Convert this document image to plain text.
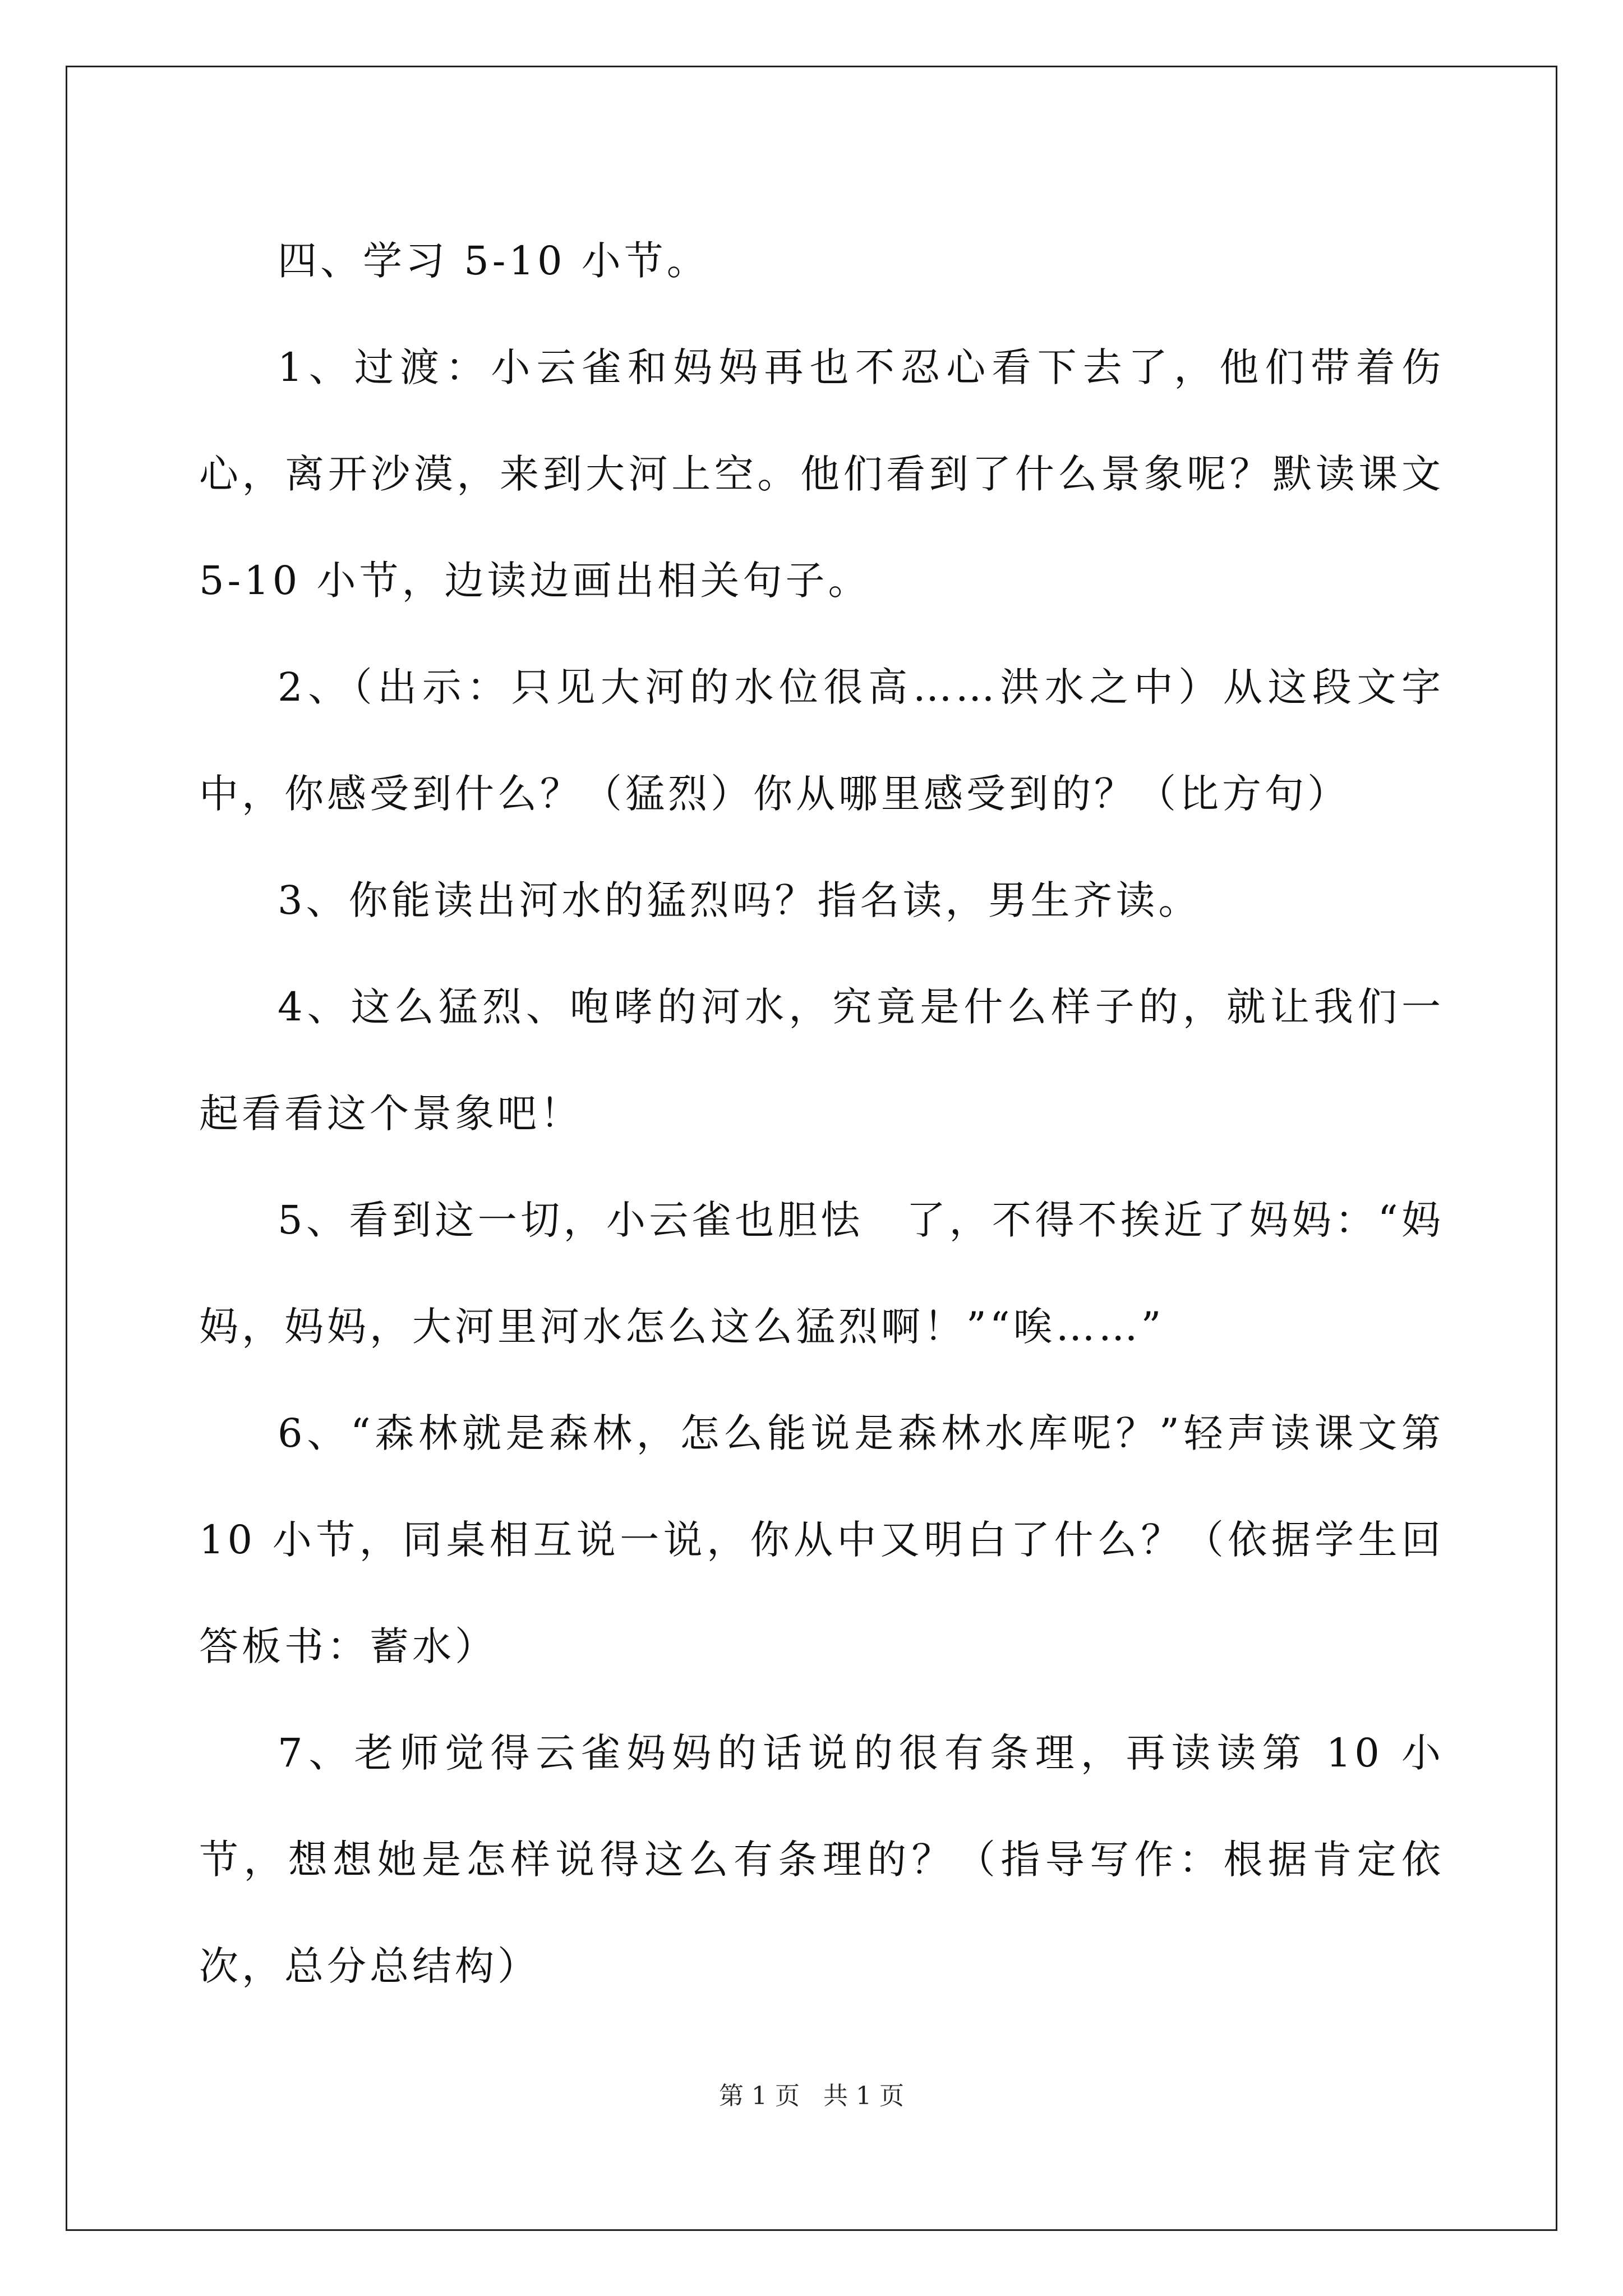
四、学习 5-10 小节。

1、过渡：小云雀和妈妈再也不忍心看下去了，他们带着伤心，离开沙漠，来到大河上空。他们看到了什么景象呢？默读课文 5-10 小节，边读边画出相关句子。

2、（出示：只见大河的水位很高……洪水之中）从这段文字中，你感受到什么？（猛烈）你从哪里感受到的？（比方句）

3、你能读出河水的猛烈吗？指名读，男生齐读。

4、这么猛烈、咆哮的河水，究竟是什么样子的，就让我们一起看看这个景象吧！

5、看到这一切，小云雀也胆怯　了，不得不挨近了妈妈：“妈妈，妈妈，大河里河水怎么这么猛烈啊！”“唉……”

6、“森林就是森林，怎么能说是森林水库呢？”轻声读课文第 10 小节，同桌相互说一说，你从中又明白了什么？（依据学生回答板书：蓄水）

7、老师觉得云雀妈妈的话说的很有条理，再读读第 10 小节，想想她是怎样说得这么有条理的？（指导写作：根据肯定依次，总分总结构）

第 1 页 共 1 页
